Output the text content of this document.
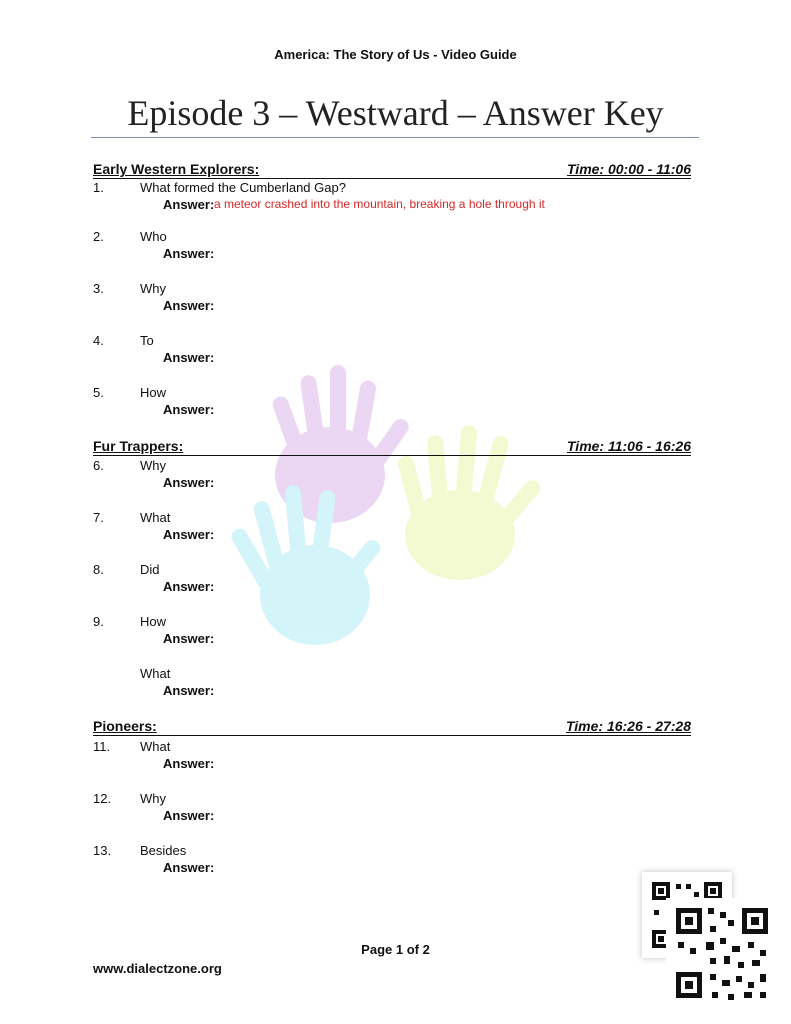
America: The Story of Us - Video Guide
Episode 3 – Westward – Answer Key
Early Western Explorers:	Time: 00:00 - 11:06
1.	What formed the Cumberland Gap?
Answer: a meteor crashed into the mountain, breaking a hole through it
2.	Who
Answer:
3.	Why
Answer:
4.	To
Answer:
5.	How
Answer:
Fur Trappers:	Time: 11:06 - 16:26
6.	Why
Answer:
7.	What
Answer:
8.	Did
Answer:
9.	How
Answer:
What
Answer:
Pioneers:	Time: 16:26 - 27:28
11. What
Answer:
12. Why
Answer:
13. Besides
Answer:
Page 1 of 2
www.dialectzone.org
